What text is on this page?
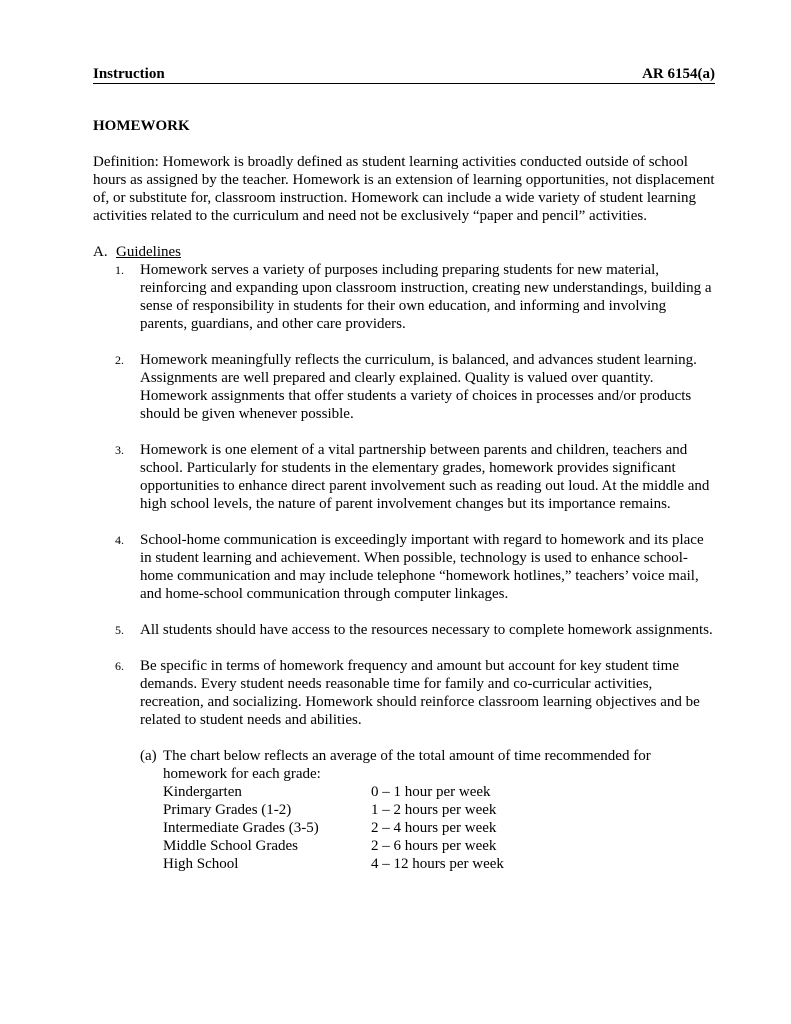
Instruction	AR 6154(a)
HOMEWORK
Definition: Homework is broadly defined as student learning activities conducted outside of school hours as assigned by the teacher. Homework is an extension of learning opportunities, not displacement of, or substitute for, classroom instruction. Homework can include a wide variety of student learning activities related to the curriculum and need not be exclusively “paper and pencil” activities.
A. Guidelines
1.	Homework serves a variety of purposes including preparing students for new material, reinforcing and expanding upon classroom instruction, creating new understandings, building a sense of responsibility in students for their own education, and informing and involving parents, guardians, and other care providers.
2.	Homework meaningfully reflects the curriculum, is balanced, and advances student learning. Assignments are well prepared and clearly explained. Quality is valued over quantity. Homework assignments that offer students a variety of choices in processes and/or products should be given whenever possible.
3.	Homework is one element of a vital partnership between parents and children, teachers and school. Particularly for students in the elementary grades, homework provides significant opportunities to enhance direct parent involvement such as reading out loud. At the middle and high school levels, the nature of parent involvement changes but its importance remains.
4.	School-home communication is exceedingly important with regard to homework and its place in student learning and achievement. When possible, technology is used to enhance school-home communication and may include telephone “homework hotlines,” teachers’ voice mail, and home-school communication through computer linkages.
5.	All students should have access to the resources necessary to complete homework assignments.
6.	Be specific in terms of homework frequency and amount but account for key student time demands. Every student needs reasonable time for family and co-curricular activities, recreation, and socializing. Homework should reinforce classroom learning objectives and be related to student needs and abilities.
(a) The chart below reflects an average of the total amount of time recommended for homework for each grade:
Kindergarten	0 – 1 hour per week
Primary Grades (1-2)	1 – 2 hours per week
Intermediate Grades (3-5)	2 – 4 hours per week
Middle School Grades	2 – 6 hours per week
High School	4 – 12 hours per week
